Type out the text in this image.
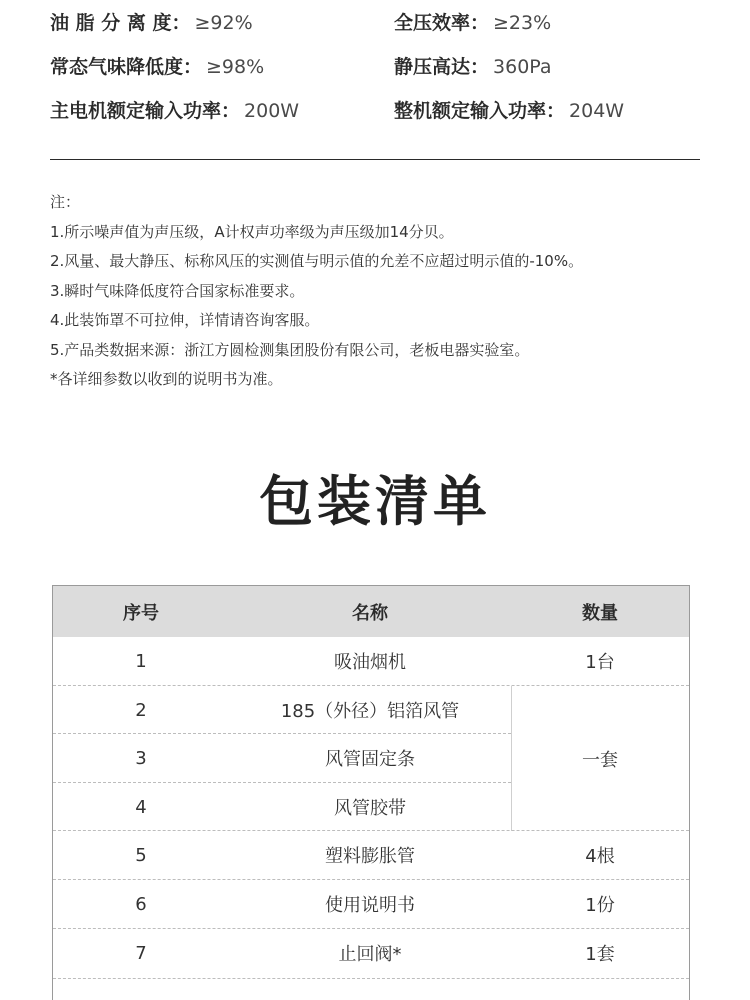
油 脂 分 离 度： ≥92%	全压效率： ≥23%
常态气味降低度： ≥98%	静压高达： 360Pa
主电机额定输入功率： 200W	整机额定输入功率： 204W
注：
1.所示噪声值为声压级，A计权声功率级为声压级加14分贝。
2.风量、最大静压、标称风压的实测值与明示值的允差不应超过明示值的-10%。
3.瞬时气味降低度符合国家标准要求。
4.此装饰罩不可拉伸，详情请咨询客服。
5.产品类数据来源：浙江方圆检测集团股份有限公司，老板电器实验室。
*各详细参数以收到的说明书为准。
包装清单
序号	名称	数量
1	吸油烟机	1台
2	185（外径）铝箔风管
3	风管固定条
4	风管胶带
一套
5	塑料膨胀管	4根
6	使用说明书	1份
7	止回阀*	1套
